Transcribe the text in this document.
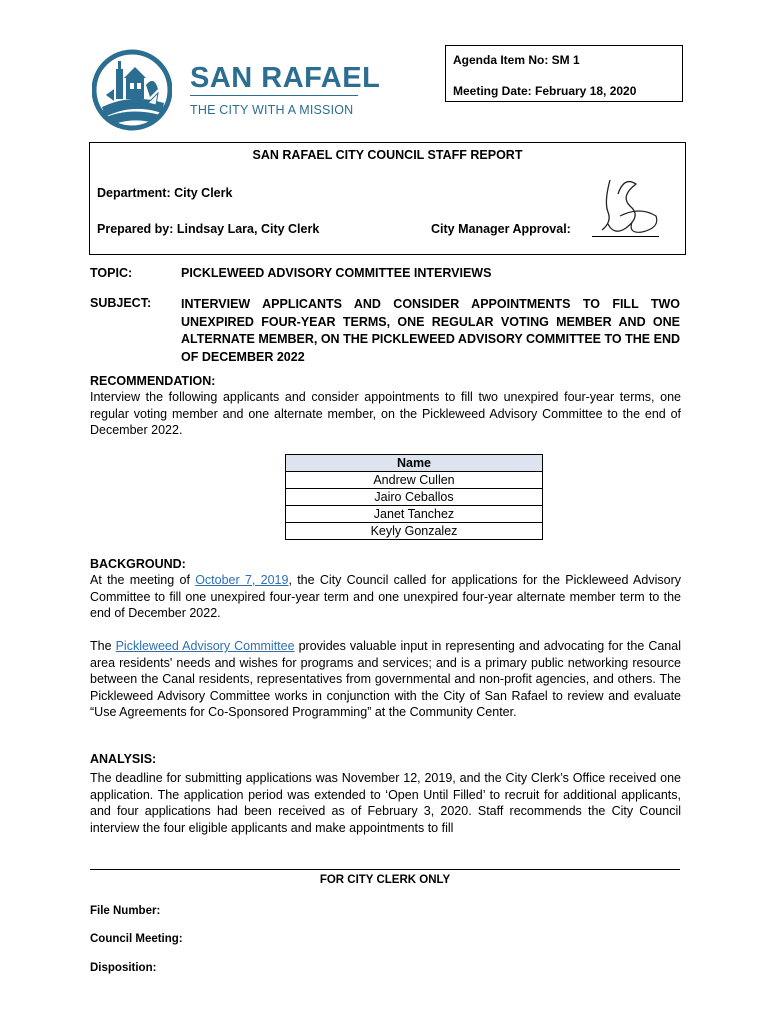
SAN RAFAEL
THE CITY WITH A MISSION
Agenda Item No: SM 1
Meeting Date: February 18, 2020
SAN RAFAEL CITY COUNCIL STAFF REPORT
Department: City Clerk
Prepared by: Lindsay Lara, City Clerk	City Manager Approval:
TOPIC:	PICKLEWEED ADVISORY COMMITTEE INTERVIEWS
SUBJECT: INTERVIEW APPLICANTS AND CONSIDER APPOINTMENTS TO FILL TWO UNEXPIRED FOUR-YEAR TERMS, ONE REGULAR VOTING MEMBER AND ONE ALTERNATE MEMBER, ON THE PICKLEWEED ADVISORY COMMITTEE TO THE END OF DECEMBER 2022
RECOMMENDATION:
Interview the following applicants and consider appointments to fill two unexpired four-year terms, one regular voting member and one alternate member, on the Pickleweed Advisory Committee to the end of December 2022.
Name
Andrew Cullen
Jairo Ceballos
Janet Tanchez
Keyly Gonzalez
BACKGROUND:
At the meeting of October 7, 2019, the City Council called for applications for the Pickleweed Advisory Committee to fill one unexpired four-year term and one unexpired four-year alternate member term to the end of December 2022.
The Pickleweed Advisory Committee provides valuable input in representing and advocating for the Canal area residents' needs and wishes for programs and services; and is a primary public networking resource between the Canal residents, representatives from governmental and non-profit agencies, and others. The Pickleweed Advisory Committee works in conjunction with the City of San Rafael to review and evaluate “Use Agreements for Co-Sponsored Programming” at the Community Center.
ANALYSIS:
The deadline for submitting applications was November 12, 2019, and the City Clerk’s Office received one application. The application period was extended to ‘Open Until Filled’ to recruit for additional applicants, and four applications had been received as of February 3, 2020. Staff recommends the City Council interview the four eligible applicants and make appointments to fill
FOR CITY CLERK ONLY
File Number:
Council Meeting:
Disposition:
